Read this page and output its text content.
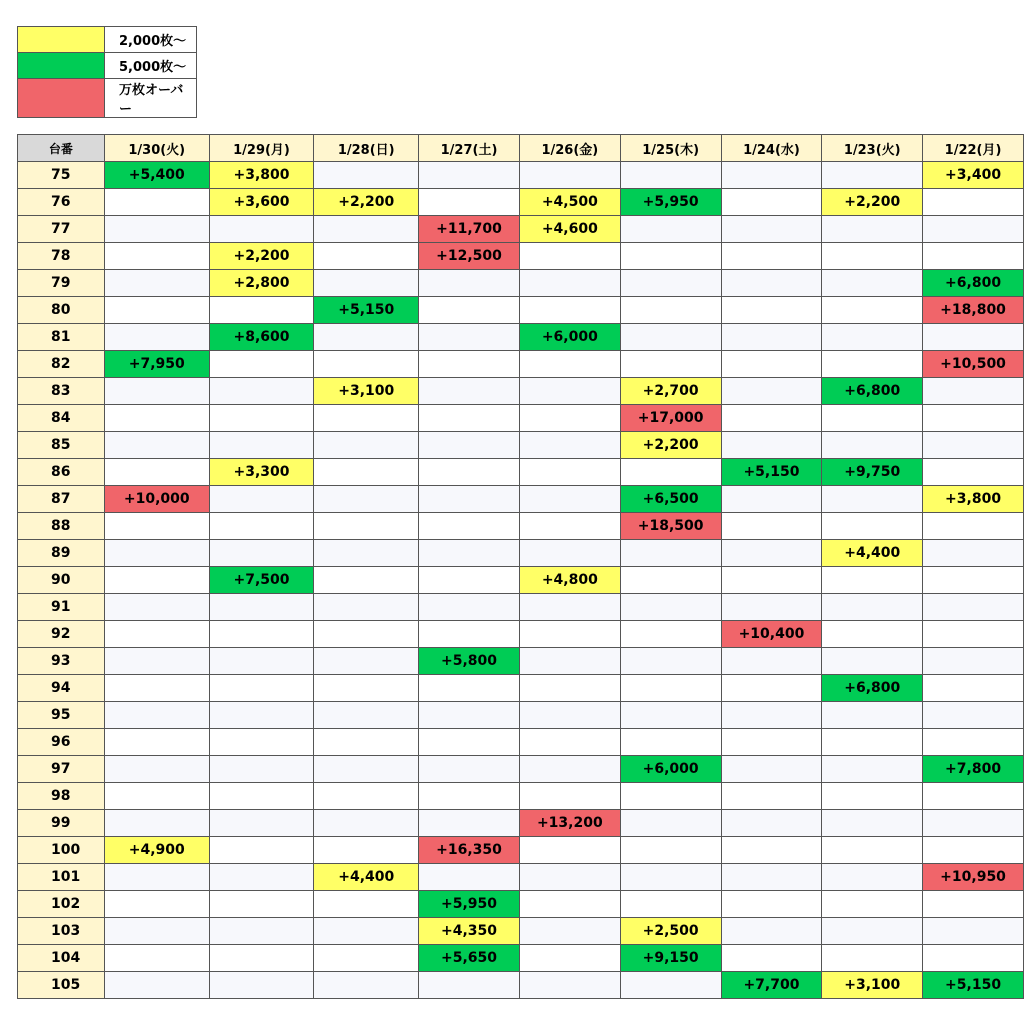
	2,000枚～
	5,000枚～
	万枚オーバー
台番	1/30(火)	1/29(月)	1/28(日)	1/27(土)	1/26(金)	1/25(木)	1/24(水)	1/23(火)	1/22(月)
75	+5,400	+3,800							+3,400
76		+3,600	+2,200		+4,500	+5,950		+2,200	
77				+11,700	+4,600				
78		+2,200		+12,500					
79		+2,800							+6,800
80			+5,150						+18,800
81		+8,600			+6,000				
82	+7,950								+10,500
83			+3,100			+2,700		+6,800	
84						+17,000			
85						+2,200			
86		+3,300					+5,150	+9,750	
87	+10,000					+6,500			+3,800
88						+18,500			
89								+4,400	
90		+7,500			+4,800				
91									
92							+10,400		
93				+5,800					
94								+6,800	
95									
96									
97						+6,000			+7,800
98									
99					+13,200				
100	+4,900			+16,350					
101			+4,400						+10,950
102				+5,950					
103				+4,350		+2,500			
104				+5,650		+9,150			
105							+7,700	+3,100	+5,150
